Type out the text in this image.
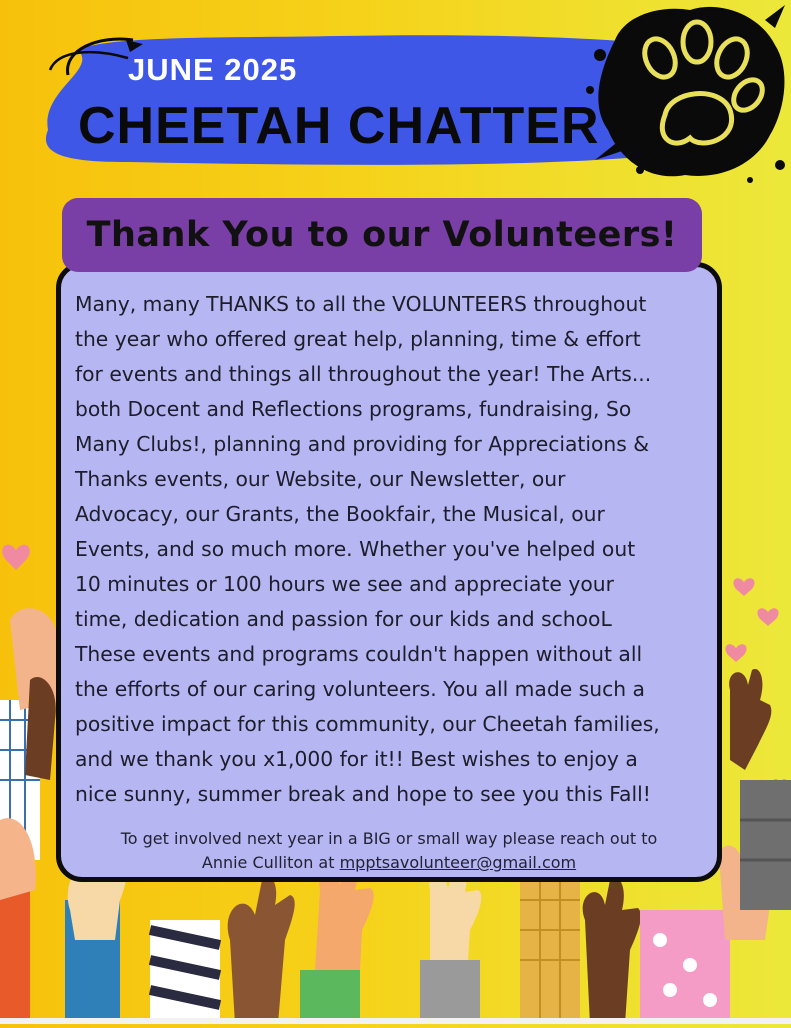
JUNE 2025
CHEETAH CHATTER
Thank You to our Volunteers!

Many, many THANKS to all the VOLUNTEERS throughout
the year who offered great help, planning, time & effort
for events and things all throughout the year! The Arts...
both Docent and Reflections programs, fundraising, So
Many Clubs!, planning and providing for Appreciations &
Thanks events, our Website, our Newsletter, our
Advocacy, our Grants, the Bookfair, the Musical, our
Events, and so much more. Whether you've helped out
10 minutes or 100 hours we see and appreciate your
time, dedication and passion for our kids and schooL
These events and programs couldn't happen without all
the efforts of our caring volunteers. You all made such a
positive impact for this community, our Cheetah families,
and we thank you x1,000 for it!! Best wishes to enjoy a
nice sunny, summer break and hope to see you this Fall!

To get involved next year in a BIG or small way please reach out to
Annie Culliton at mpptsavolunteer@gmail.com
